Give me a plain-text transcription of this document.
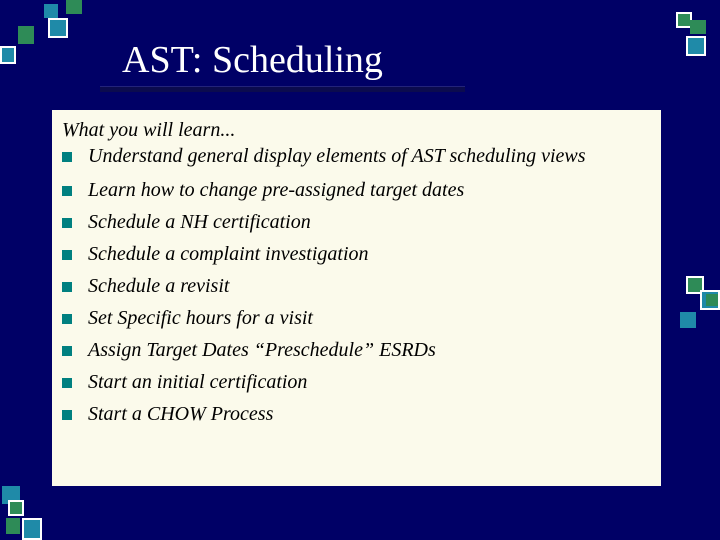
AST: Scheduling
What you will learn...
Understand general display elements of AST scheduling views
Learn how to change pre-assigned target dates
Schedule a NH certification
Schedule a complaint investigation
Schedule a revisit
Set Specific hours for a visit
Assign Target Dates “Preschedule” ESRDs
Start an initial certification
Start a CHOW Process
